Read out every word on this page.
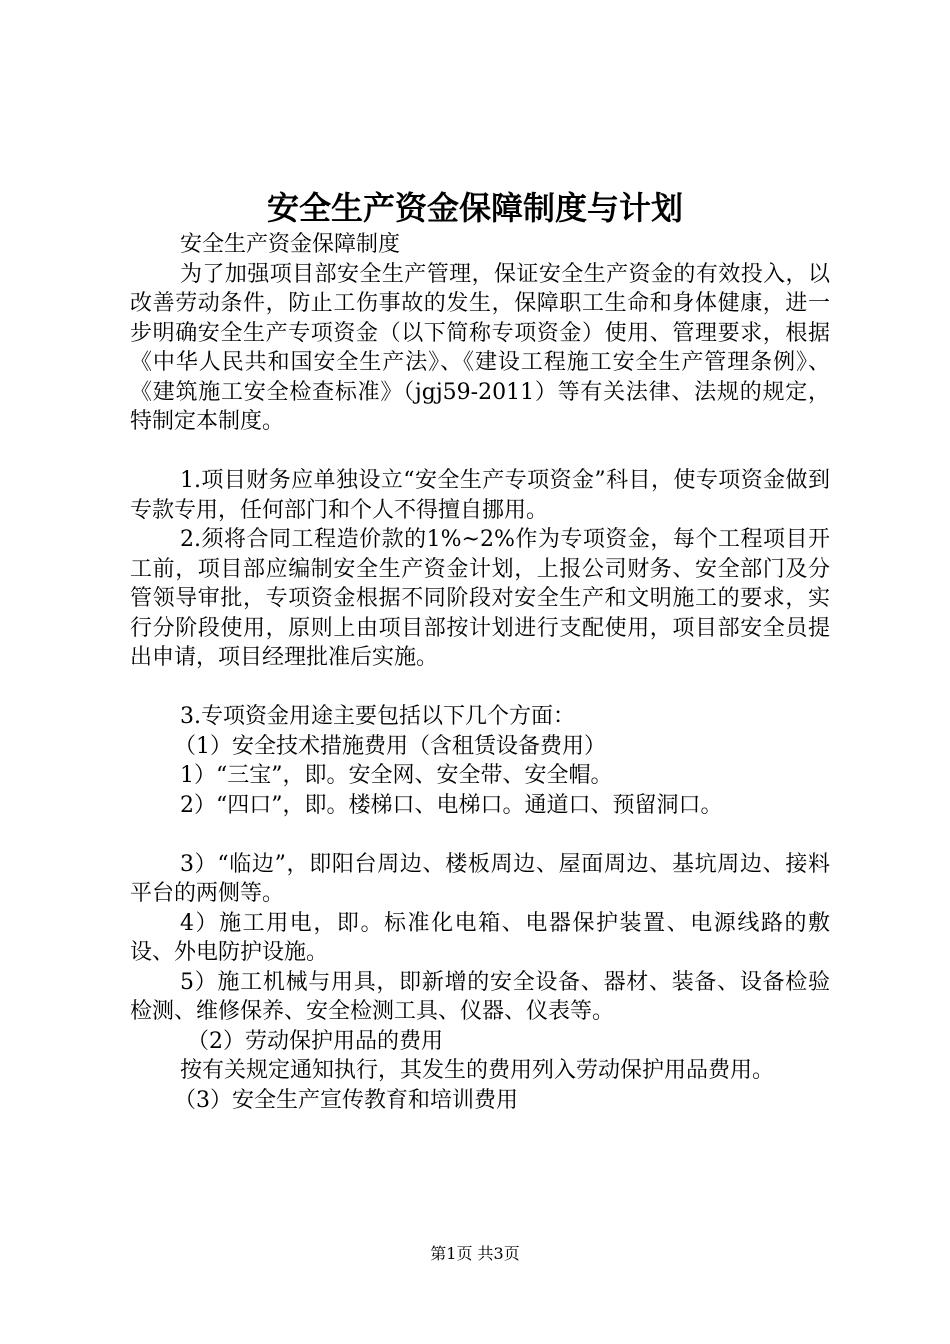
安全生产资金保障制度与计划

安全生产资金保障制度

为了加强项目部安全生产管理，保证安全生产资金的有效投入，以改善劳动条件，防止工伤事故的发生，保障职工生命和身体健康，进一步明确安全生产专项资金（以下简称专项资金）使用、管理要求，根据《中华人民共和国安全生产法》、《建设工程施工安全生产管理条例》、《建筑施工安全检查标准》（jgj59-2011）等有关法律、法规的规定，特制定本制度。

1.项目财务应单独设立“安全生产专项资金”科目，使专项资金做到专款专用，任何部门和个人不得擅自挪用。

2.须将合同工程造价款的1%~2%作为专项资金，每个工程项目开工前，项目部应编制安全生产资金计划，上报公司财务、安全部门及分管领导审批，专项资金根据不同阶段对安全生产和文明施工的要求，实行分阶段使用，原则上由项目部按计划进行支配使用，项目部安全员提出申请，项目经理批准后实施。

3.专项资金用途主要包括以下几个方面：

（1）安全技术措施费用（含租赁设备费用）

1）“三宝”，即。安全网、安全带、安全帽。

2）“四口”，即。楼梯口、电梯口。通道口、预留洞口。

3）“临边”，即阳台周边、楼板周边、屋面周边、基坑周边、接料平台的两侧等。

4）施工用电，即。标准化电箱、电器保护装置、电源线路的敷设、外电防护设施。

5）施工机械与用具，即新增的安全设备、器材、装备、设备检验检测、维修保养、安全检测工具、仪器、仪表等。

（2）劳动保护用品的费用

按有关规定通知执行，其发生的费用列入劳动保护用品费用。

（3）安全生产宣传教育和培训费用

第1页 共3页
